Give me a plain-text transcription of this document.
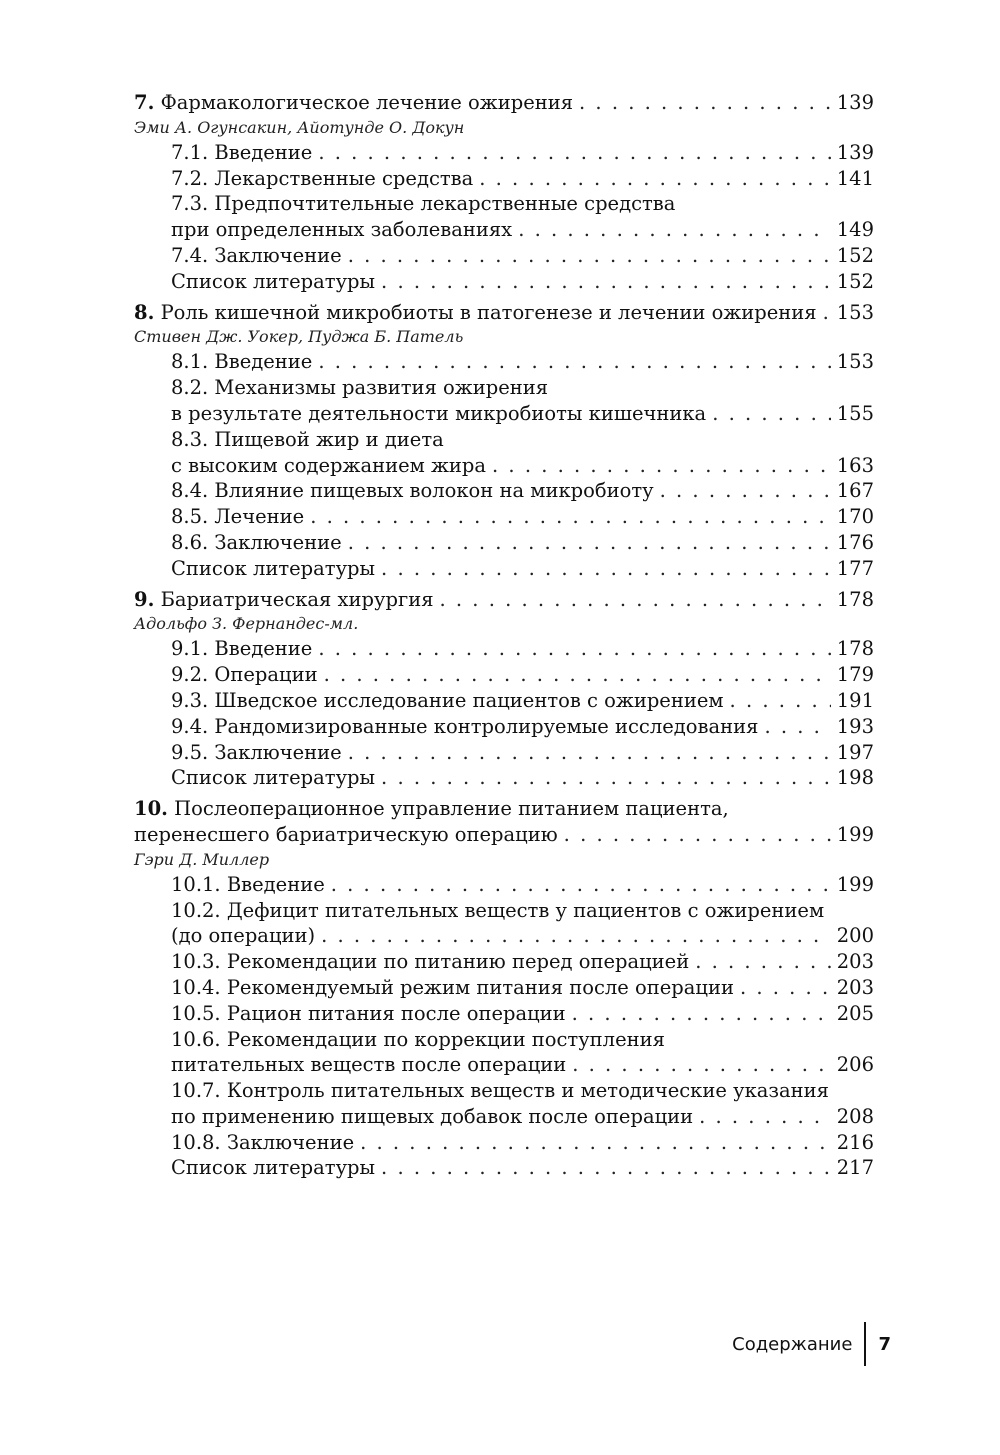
7. Фармакологическое лечение ожирения . . .	139
Эми А. Огунсакин, Айотунде О. Докун
7.1. Введение . . .	139
7.2. Лекарственные средства . . .	141
7.3. Предпочтительные лекарственные средства
при определенных заболеваниях . . .	149
7.4. Заключение . . .	152
Список литературы . . .	152
8. Роль кишечной микробиоты в патогенезе и лечении ожирения . . . 153
Стивен Дж. Уокер, Пуджа Б. Патель
8.1. Введение . . .	153
8.2. Механизмы развития ожирения
в результате деятельности микробиоты кишечника . . .	155
8.3. Пищевой жир и диета
с высоким содержанием жира . . .	163
8.4. Влияние пищевых волокон на микробиоту . . .	167
8.5. Лечение . . .	170
8.6. Заключение . . .	176
Список литературы . . .	177
9. Бариатрическая хирургия . . .	178
Адольфо З. Фернандес-мл.
9.1. Введение . . .	178
9.2. Операции . . .	179
9.3. Шведское исследование пациентов с ожирением . . .	191
9.4. Рандомизированные контролируемые исследования . . .	193
9.5. Заключение . . .	197
Список литературы . . .	198
10. Послеоперационное управление питанием пациента,
перенесшего бариатрическую операцию . . .	199
Гэри Д. Миллер
10.1. Введение . . .	199
10.2. Дефицит питательных веществ у пациентов с ожирением
(до операции) . . .	200
10.3. Рекомендации по питанию перед операцией . . .	203
10.4. Рекомендуемый режим питания после операции . . .	203
10.5. Рацион питания после операции . . .	205
10.6. Рекомендации по коррекции поступления
питательных веществ после операции . . .	206
10.7. Контроль питательных веществ и методические указания
по применению пищевых добавок после операции . . .	208
10.8. Заключение . . .	216
Список литературы . . .	217
Содержание	7
